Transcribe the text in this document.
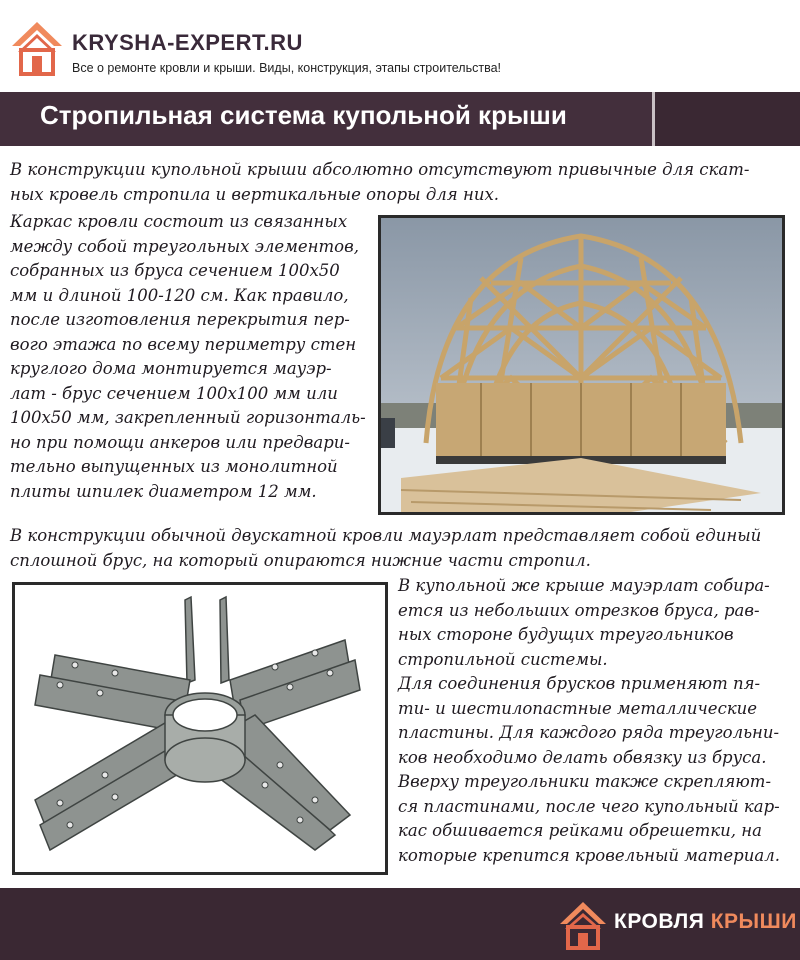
KRYSHA-EXPERT.RU
Все о ремонте кровли и крыши. Виды, конструкция, этапы строительства!
Стропильная система купольной крыши
В конструкции купольной крыши абсолютно отсутствуют привычные для скат-
ных кровель стропила и вертикальные опоры для них.
Каркас кровли состоит из связанных
между собой треугольных элементов,
собранных из бруса сечением 100х50
мм и длиной 100-120 см. Как правило,
после изготовления перекрытия пер-
вого этажа по всему периметру стен
круглого дома монтируется мауэр-
лат - брус сечением 100х100 мм или
100х50 мм, закрепленный горизонталь-
но при помощи анкеров или предвари-
тельно выпущенных из монолитной
плиты шпилек диаметром 12 мм.
В конструкции обычной двускатной кровли мауэрлат представляет собой единый
сплошной брус, на который опираются нижние части стропил.
В купольной же крыше мауэрлат собира-
ется из небольших отрезков бруса, рав-
ных стороне будущих треугольников
стропильной системы.
Для соединения брусков применяют пя-
ти- и шестилопастные металлические
пластины. Для каждого ряда треугольни-
ков необходимо делать обвязку из бруса.
Вверху треугольники также скрепляют-
ся пластинами, после чего купольный кар-
кас обшивается рейками обрешетки, на
которые крепится кровельный материал.
КРОВЛЯ КРЫШИ
